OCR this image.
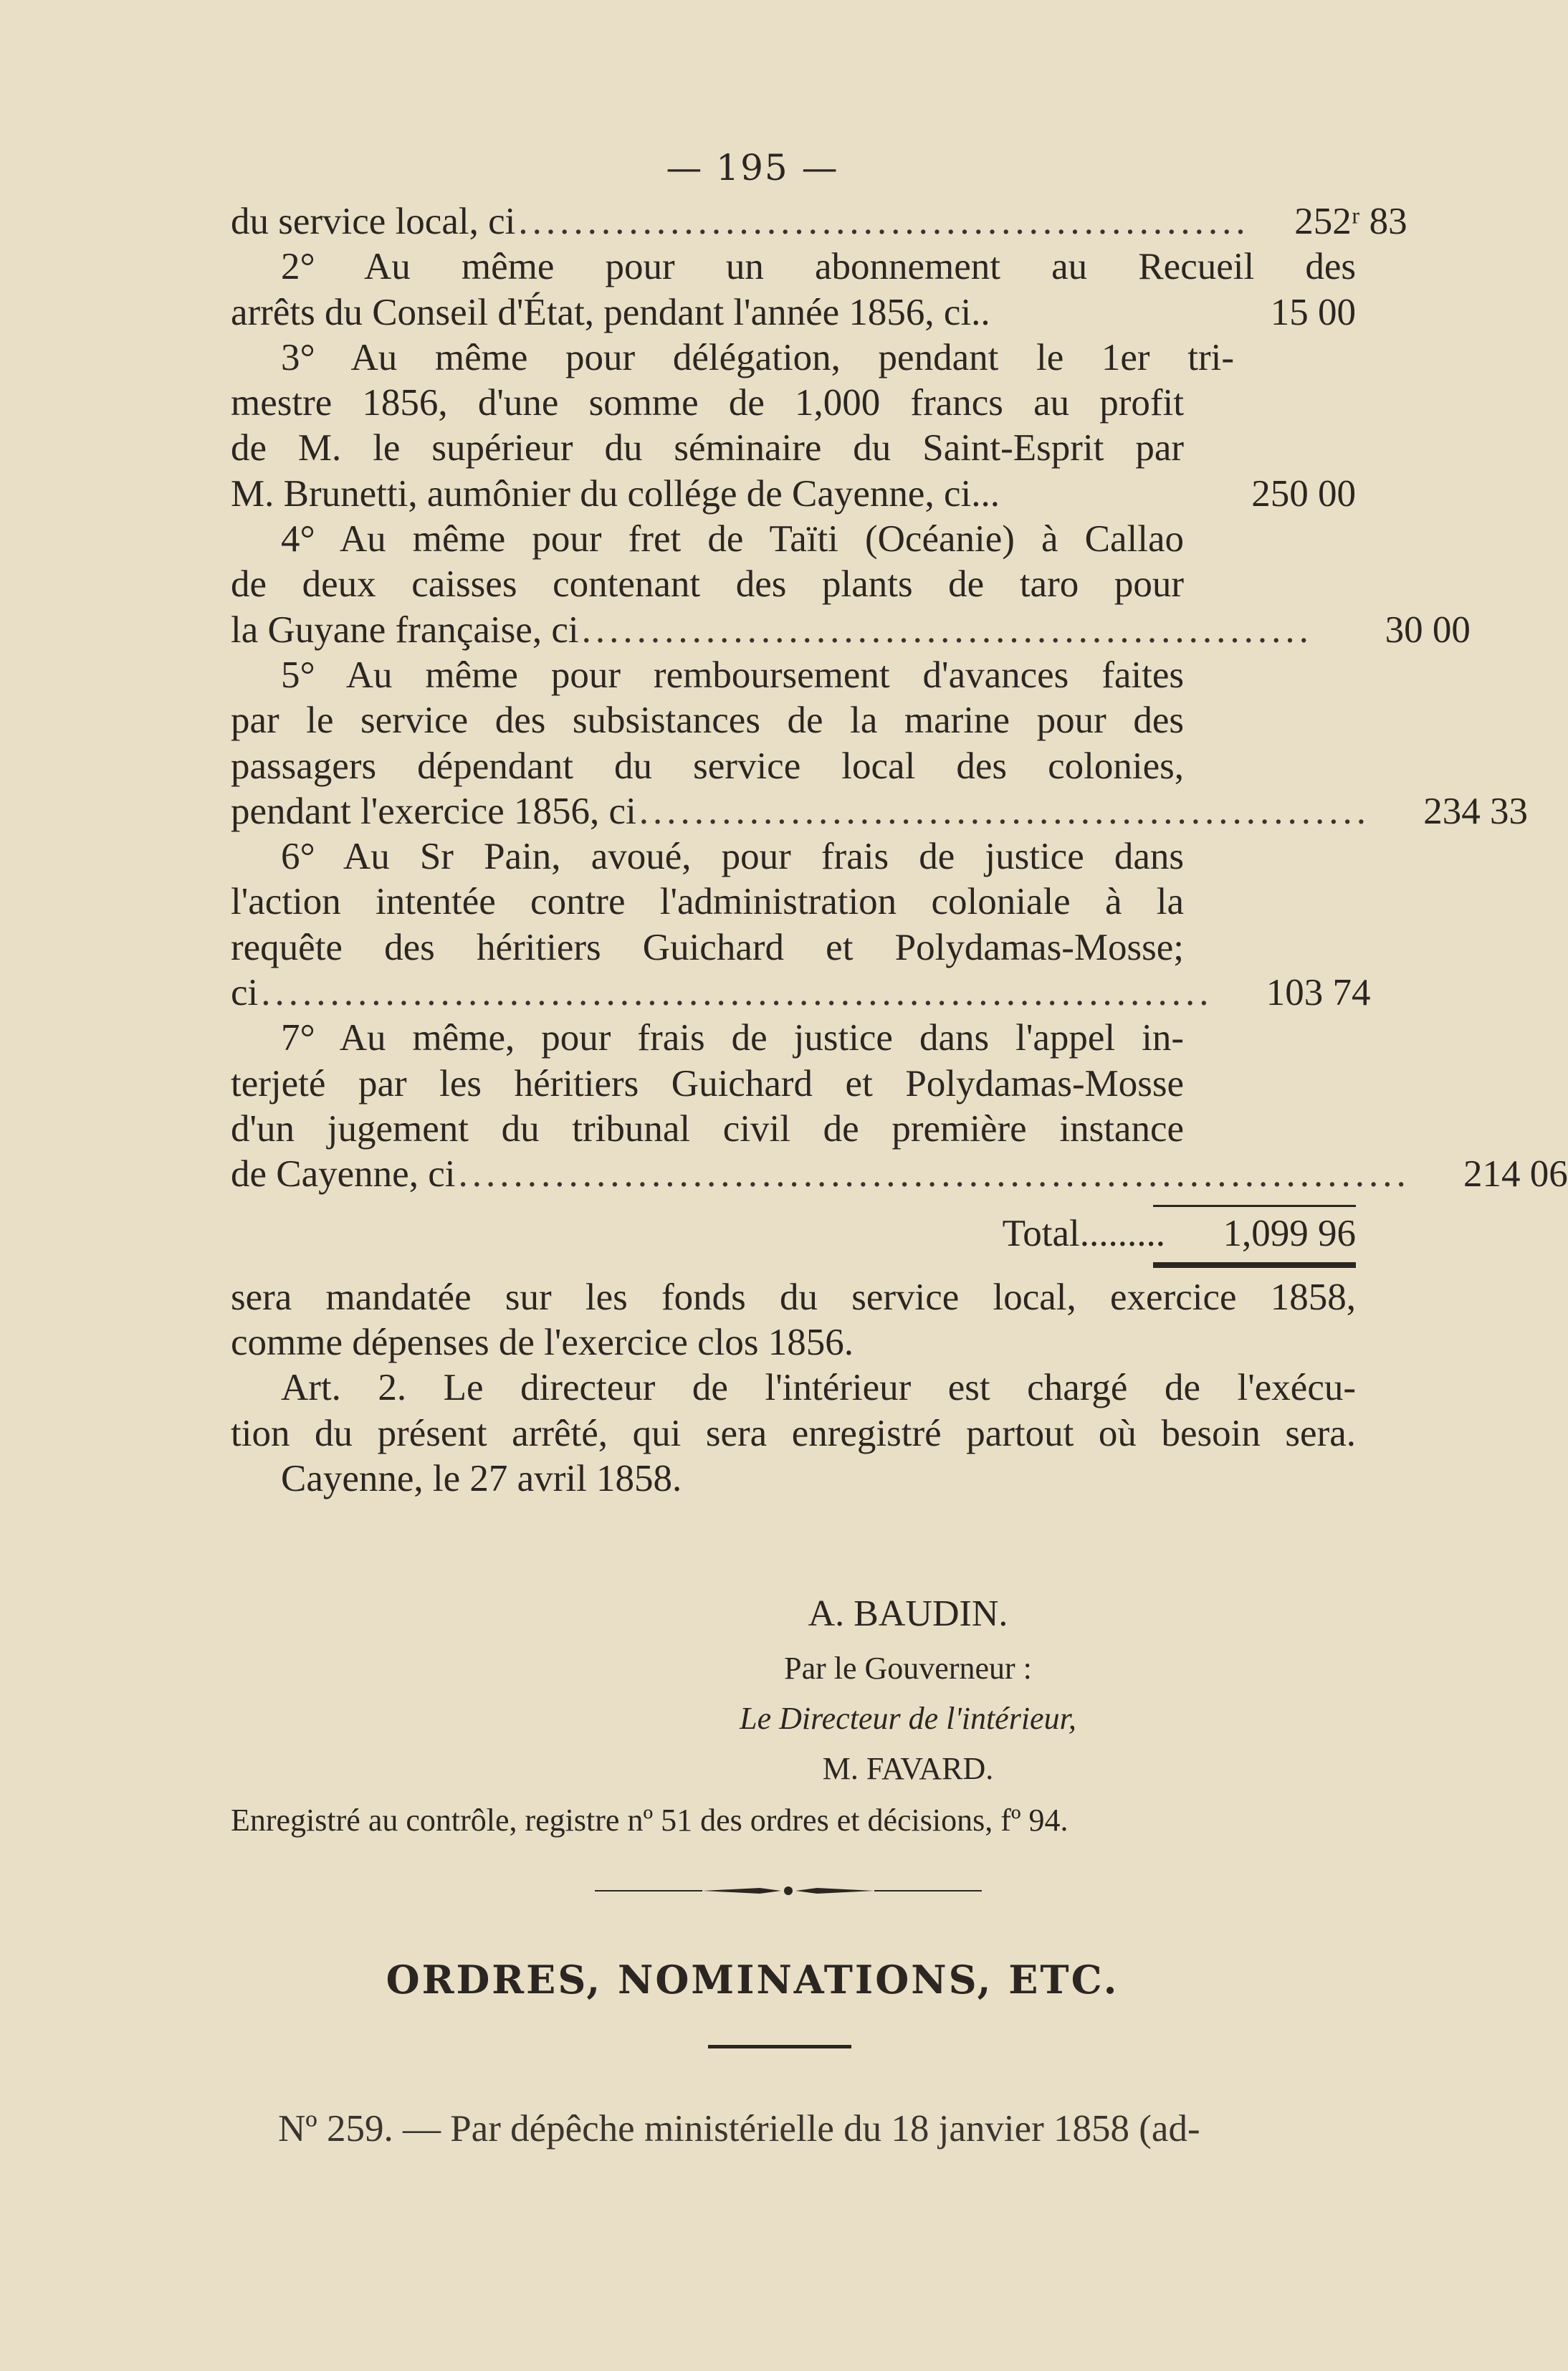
— 195 —
du service local, ci .....................................................	252ʳ 83
2° Au même pour un abonnement au Recueil des
arrêts du Conseil d'État, pendant l'année 1856, ci..	15 00
3° Au même pour délégation, pendant le 1er tri-
mestre 1856, d'une somme de 1,000 francs au profit
de M. le supérieur du séminaire du Saint-Esprit par
M. Brunetti, aumônier du collége de Cayenne, ci...	250 00
4° Au même pour fret de Taïti (Océanie) à Callao
de deux caisses contenant des plants de taro pour
la Guyane française, ci .....................................................	30 00
5° Au même pour remboursement d'avances faites
par le service des subsistances de la marine pour des
passagers dépendant du service local des colonies,
pendant l'exercice 1856, ci .....................................................	234 33
6° Au Sr Pain, avoué, pour frais de justice dans
l'action intentée contre l'administration coloniale à la
requête des héritiers Guichard et Polydamas-Mosse;
ci .....................................................................	103 74
7° Au même, pour frais de justice dans l'appel in-
terjeté par les héritiers Guichard et Polydamas-Mosse
d'un jugement du tribunal civil de première instance
de Cayenne, ci .....................................................................	214 06
Total.........	1,099 96
sera mandatée sur les fonds du service local, exercice 1858,
comme dépenses de l'exercice clos 1856.
Art. 2. Le directeur de l'intérieur est chargé de l'exécu-
tion du présent arrêté, qui sera enregistré partout où besoin sera.
Cayenne, le 27 avril 1858.
A. BAUDIN.
Par le Gouverneur :
Le Directeur de l'intérieur,
M. FAVARD.
Enregistré au contrôle, registre nº 51 des ordres et décisions, fº 94.
ORDRES, NOMINATIONS, ETC.
Nº 259. — Par dépêche ministérielle du 18 janvier 1858 (ad-
